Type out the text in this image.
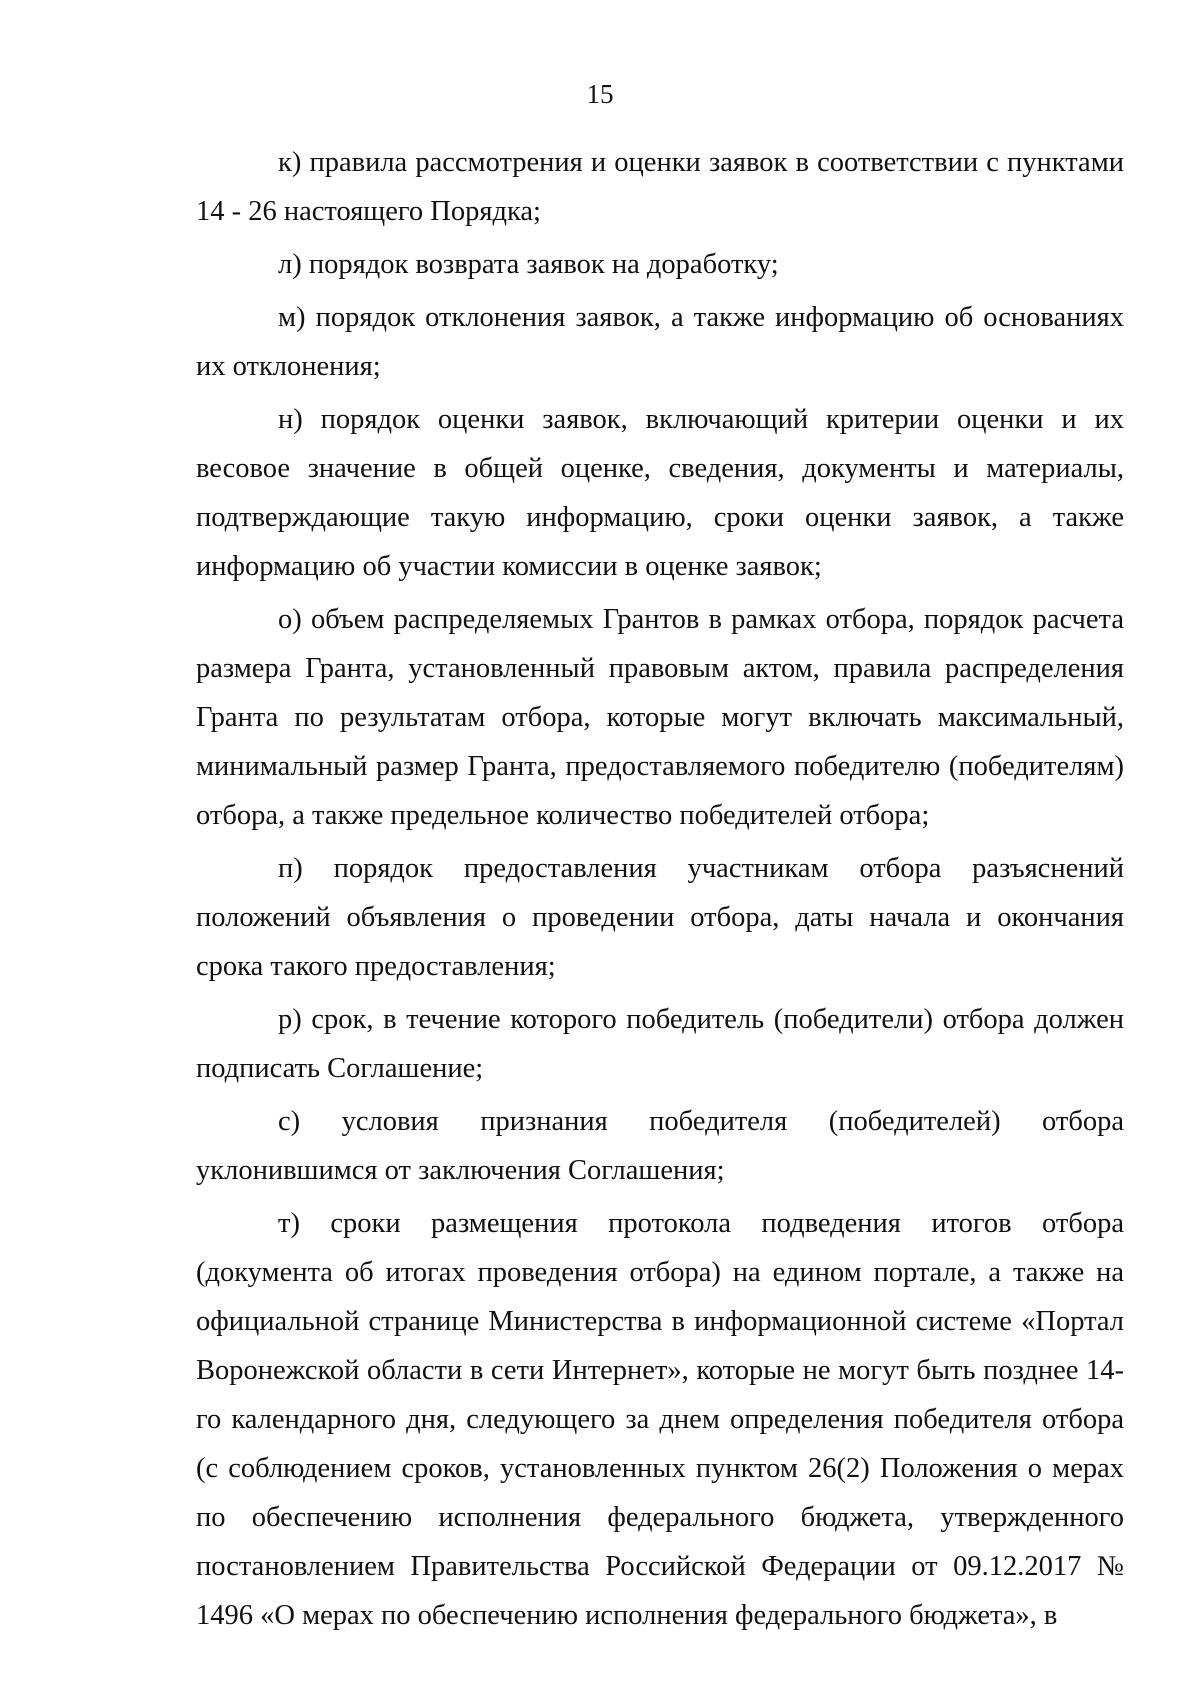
15

к) правила рассмотрения и оценки заявок в соответствии с пунктами 14 - 26 настоящего Порядка;

л) порядок возврата заявок на доработку;

м) порядок отклонения заявок, а также информацию об основаниях их отклонения;

н) порядок оценки заявок, включающий критерии оценки и их весовое значение в общей оценке, сведения, документы и материалы, подтверждающие такую информацию, сроки оценки заявок, а также информацию об участии комиссии в оценке заявок;

о) объем распределяемых Грантов в рамках отбора, порядок расчета размера Гранта, установленный правовым актом, правила распределения Гранта по результатам отбора, которые могут включать максимальный, минимальный размер Гранта, предоставляемого победителю (победителям) отбора, а также предельное количество победителей отбора;

п) порядок предоставления участникам отбора разъяснений положений объявления о проведении отбора, даты начала и окончания срока такого предоставления;

р) срок, в течение которого победитель (победители) отбора должен подписать Соглашение;

с) условия признания победителя (победителей) отбора уклонившимся от заключения Соглашения;

т) сроки размещения протокола подведения итогов отбора (документа об итогах проведения отбора) на едином портале, а также на официальной странице Министерства в информационной системе «Портал Воронежской области в сети Интернет», которые не могут быть позднее 14-го календарного дня, следующего за днем определения победителя отбора (с соблюдением сроков, установленных пунктом 26(2) Положения о мерах по обеспечению исполнения федерального бюджета, утвержденного постановлением Правительства Российской Федерации от 09.12.2017 № 1496 «О мерах по обеспечению исполнения федерального бюджета», в
